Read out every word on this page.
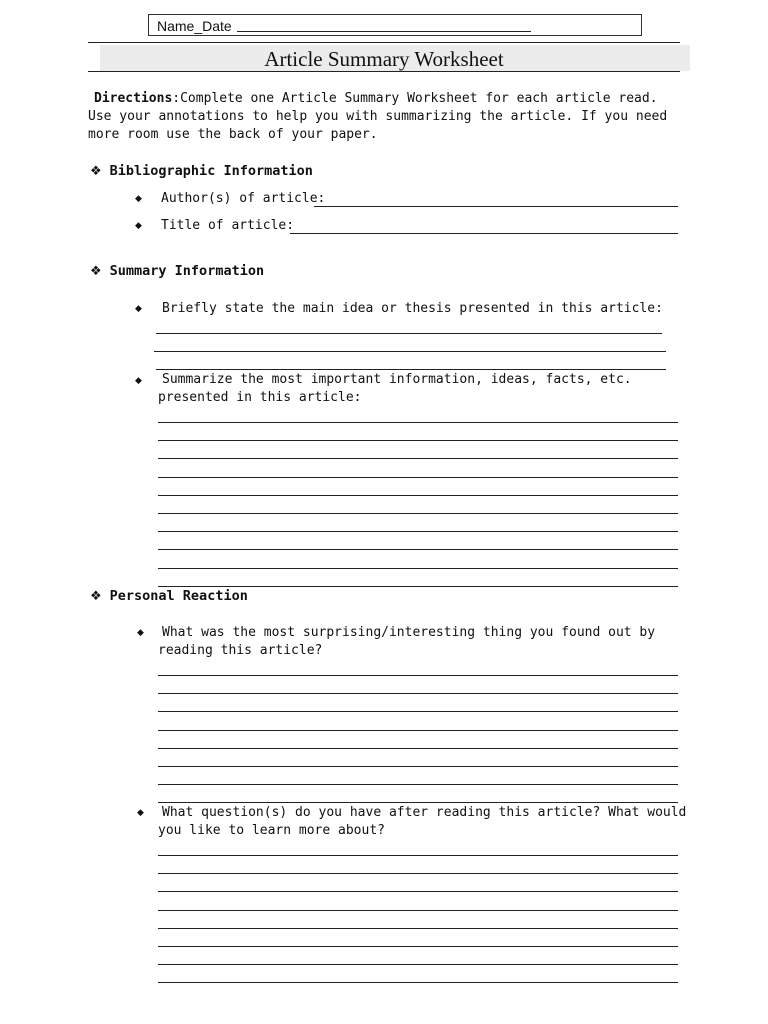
Name_Date
Article Summary Worksheet
Directions:Complete one Article Summary Worksheet for each article read.
Use your annotations to help you with summarizing the article. If you need
more room use the back of your paper.
❖ Bibliographic Information
◆ Author(s) of article:
◆ Title of article:
❖ Summary Information
◆ Briefly state the main idea or thesis presented in this article:
◆ Summarize the most important information, ideas, facts, etc.
presented in this article:
❖ Personal Reaction
◆ What was the most surprising/interesting thing you found out by
reading this article?
◆ What question(s) do you have after reading this article? What would
you like to learn more about?
